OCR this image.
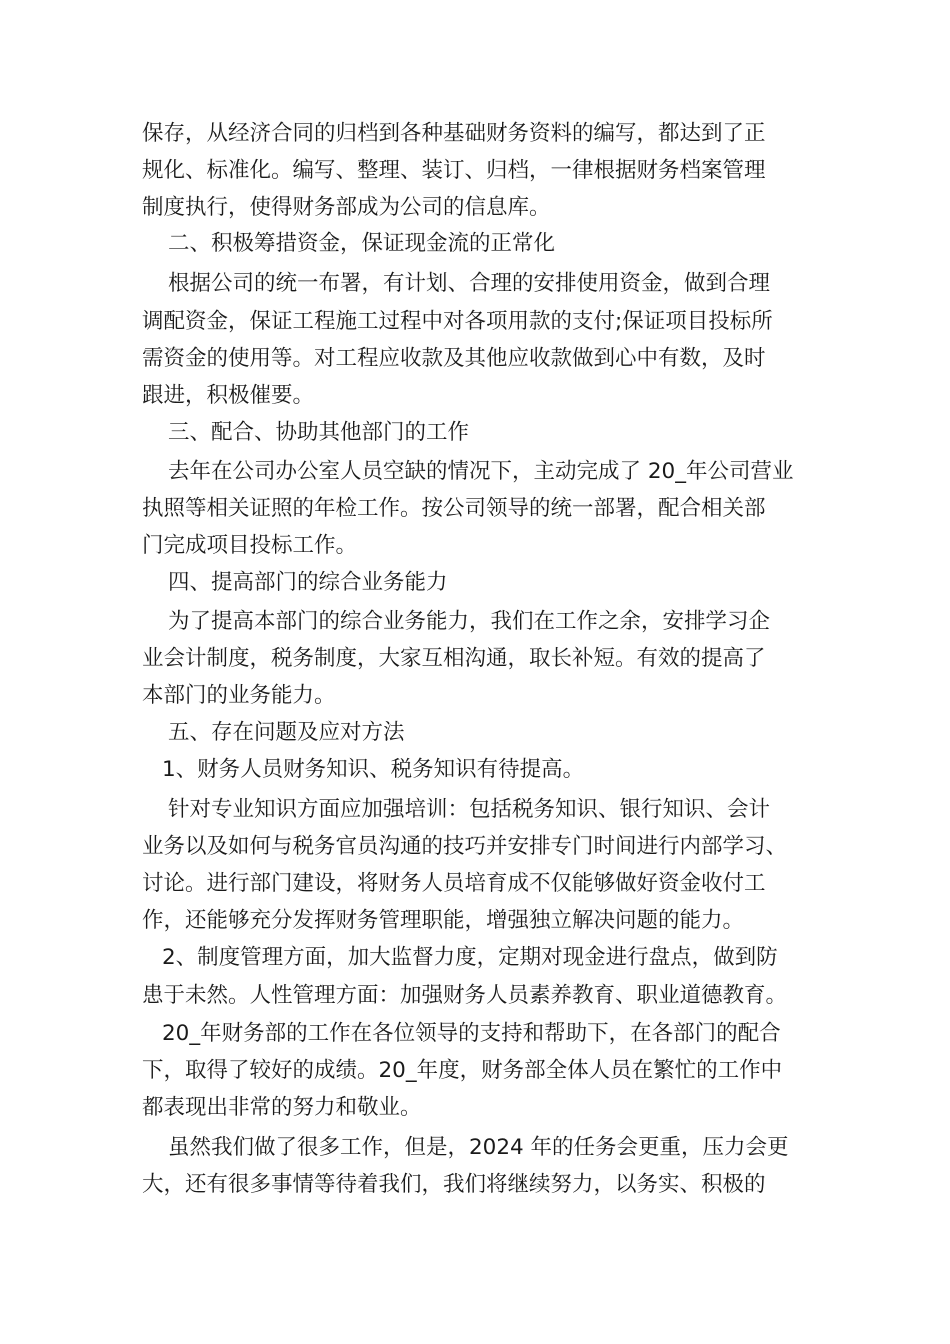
保存，从经济合同的归档到各种基础财务资料的编写，都达到了正
规化、标准化。编写、整理、装订、归档，一律根据财务档案管理
制度执行，使得财务部成为公司的信息库。
二、积极筹措资金，保证现金流的正常化
根据公司的统一布署，有计划、合理的安排使用资金，做到合理
调配资金，保证工程施工过程中对各项用款的支付;保证项目投标所
需资金的使用等。对工程应收款及其他应收款做到心中有数，及时
跟进，积极催要。
三、配合、协助其他部门的工作
去年在公司办公室人员空缺的情况下，主动完成了 20_年公司营业
执照等相关证照的年检工作。按公司领导的统一部署，配合相关部
门完成项目投标工作。
四、提高部门的综合业务能力
为了提高本部门的综合业务能力，我们在工作之余，安排学习企
业会计制度，税务制度，大家互相沟通，取长补短。有效的提高了
本部门的业务能力。
五、存在问题及应对方法
1、财务人员财务知识、税务知识有待提高。
针对专业知识方面应加强培训：包括税务知识、银行知识、会计
业务以及如何与税务官员沟通的技巧并安排专门时间进行内部学习、
讨论。进行部门建设，将财务人员培育成不仅能够做好资金收付工
作，还能够充分发挥财务管理职能，增强独立解决问题的能力。
2、制度管理方面，加大监督力度，定期对现金进行盘点，做到防
患于未然。人性管理方面：加强财务人员素养教育、职业道德教育。
20_年财务部的工作在各位领导的支持和帮助下，在各部门的配合
下，取得了较好的成绩。20_年度，财务部全体人员在繁忙的工作中
都表现出非常的努力和敬业。
虽然我们做了很多工作，但是，2024 年的任务会更重，压力会更
大，还有很多事情等待着我们，我们将继续努力，以务实、积极的
